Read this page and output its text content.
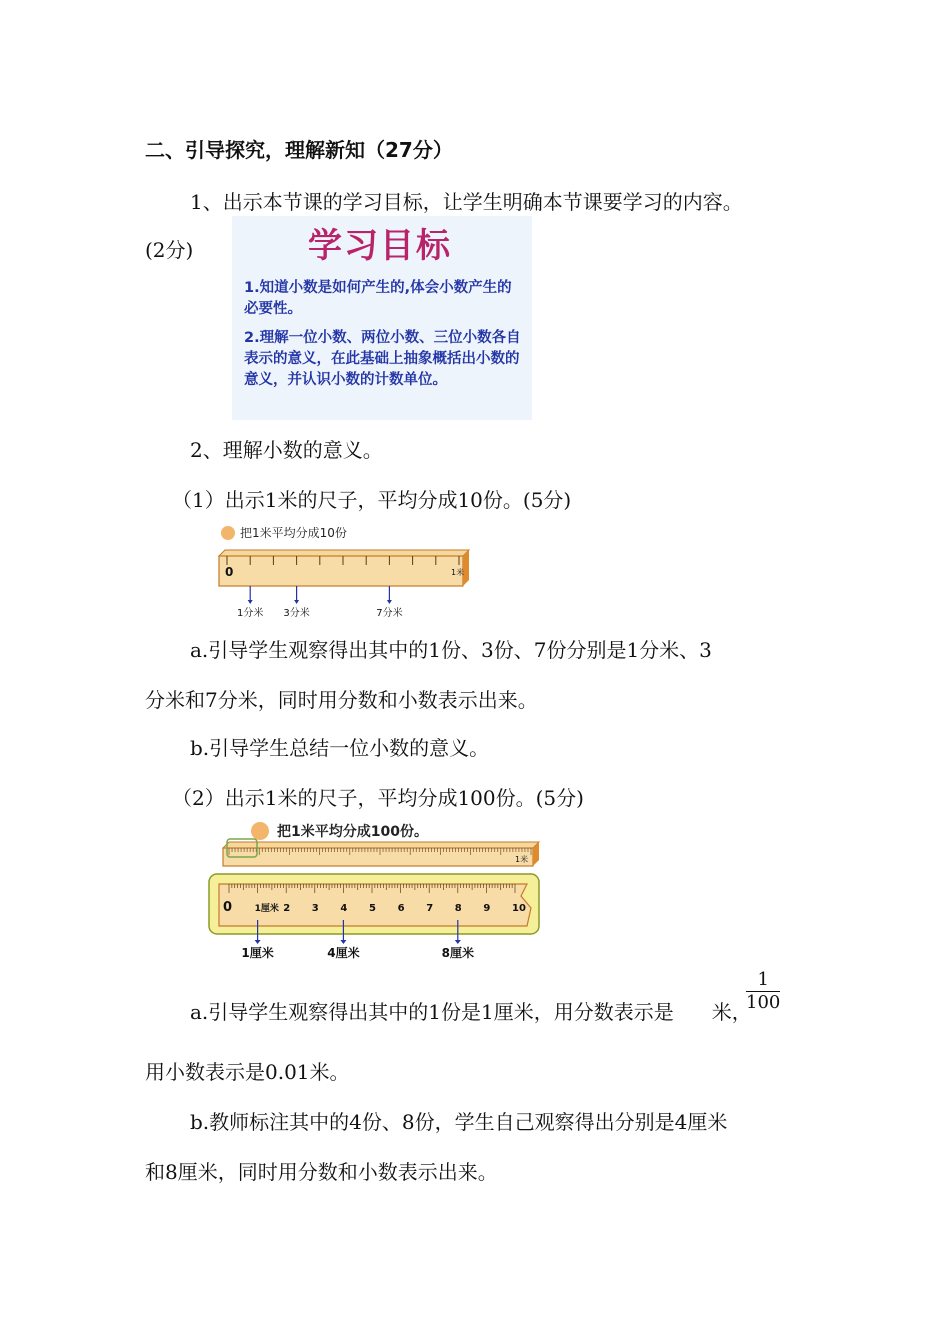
二、引导探究，理解新知（27分）
1、出示本节课的学习目标，让学生明确本节课要学习的内容。
(2分)	学习目标
1.知道小数是如何产生的,体会小数产生的必要性。
2.理解一位小数、两位小数、三位小数各自表示的意义，在此基础上抽象概括出小数的意义，并认识小数的计数单位。
2、理解小数的意义。
（1）出示1米的尺子，平均分成10份。(5分)
把1米平均分成10份
0	1米
1分米 3分米	7分米
a.引导学生观察得出其中的1份、3份、7份分别是1分米、3
分米和7分米，同时用分数和小数表示出来。
b.引导学生总结一位小数的意义。
（2）出示1米的尺子，平均分成100份。(5分)
把1米平均分成100份。
1米
0	1厘米 2 3 4 5 6 7 8 9 10
1厘米	4厘米	8厘米
a.引导学生观察得出其中的1份是1厘米，用分数表示是 米，
1
100
用小数表示是0.01米。
b.教师标注其中的4份、8份，学生自己观察得出分别是4厘米
和8厘米，同时用分数和小数表示出来。
